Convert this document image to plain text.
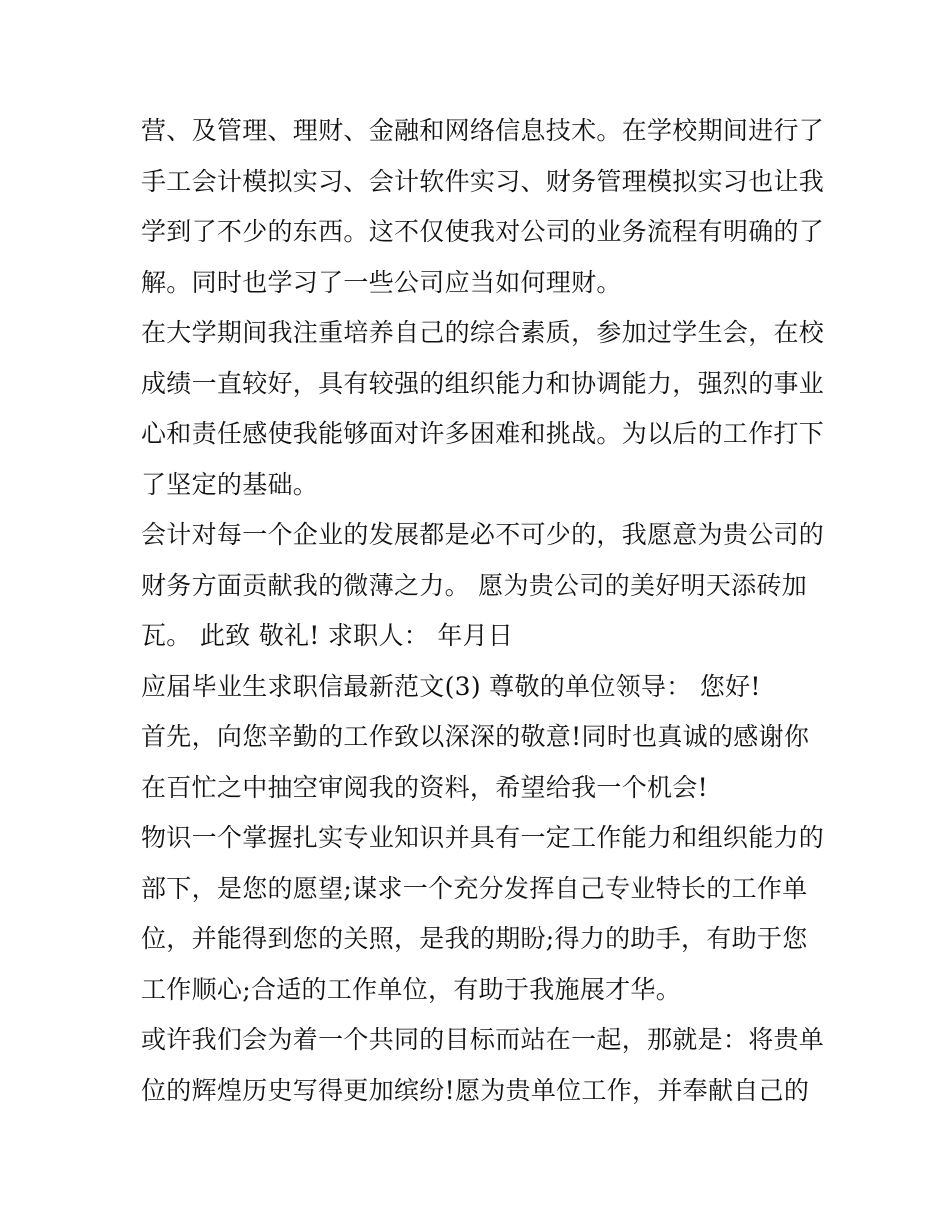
营、及管理、理财、金融和网络信息技术。在学校期间进行了
手工会计模拟实习、会计软件实习、财务管理模拟实习也让我
学到了不少的东西。这不仅使我对公司的业务流程有明确的了
解。同时也学习了一些公司应当如何理财。
在大学期间我注重培养自己的综合素质，参加过学生会，在校
成绩一直较好，具有较强的组织能力和协调能力，强烈的事业
心和责任感使我能够面对许多困难和挑战。为以后的工作打下
了坚定的基础。
会计对每一个企业的发展都是必不可少的，我愿意为贵公司的
财务方面贡献我的微薄之力。 愿为贵公司的美好明天添砖加
瓦。 此致 敬礼! 求职人： 年月日
应届毕业生求职信最新范文(3) 尊敬的单位领导： 您好!
首先，向您辛勤的工作致以深深的敬意!同时也真诚的感谢你
在百忙之中抽空审阅我的资料，希望给我一个机会!
物识一个掌握扎实专业知识并具有一定工作能力和组织能力的
部下，是您的愿望;谋求一个充分发挥自己专业特长的工作单
位，并能得到您的关照，是我的期盼;得力的助手，有助于您
工作顺心;合适的工作单位，有助于我施展才华。
或许我们会为着一个共同的目标而站在一起，那就是：将贵单
位的辉煌历史写得更加缤纷!愿为贵单位工作，并奉献自己的
